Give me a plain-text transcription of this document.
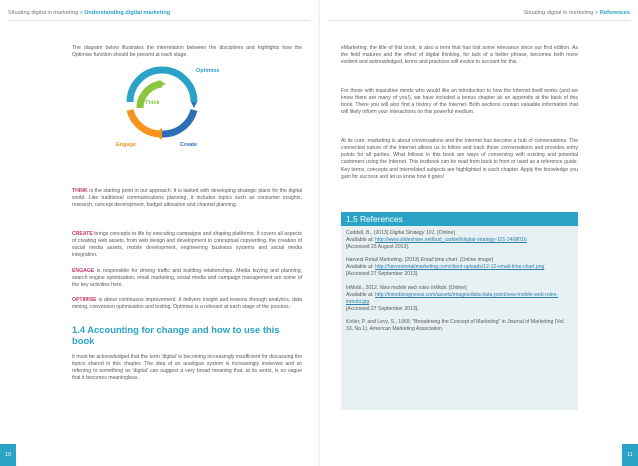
Situating digital in marketing > Understanding digital marketing	Situating digital in marketing > References

The diagram below illustrates the interrelation between the disciplines and highlights how the Optimise function should be present at each stage.

Think
Optimise
Engage	Create

THINK is the starting point in our approach. It is tasked with developing strategic plans for the digital world. Like traditional communications planning, it includes topics such as consumer insights, research, concept development, budget allocation and channel planning.

CREATE brings concepts to life by executing campaigns and shaping platforms. It covers all aspects of creating web assets, from web design and development to conceptual copywriting, the creation of social media assets, mobile development, engineering business systems and social media integration.

ENGAGE is responsible for driving traffic and building relationships. Media buying and planning, search engine optimisation, email marketing, social media and campaign management are some of the key activities here.

OPTIMISE is about continuous improvement. It delivers insight and lessons through analytics, data mining, conversion optimisation and testing. Optimise is a relevant at each stage of the process.

1.4 Accounting for change and how to use this book

It must be acknowledged that the term 'digital' is becoming increasingly insufficient for discussing the topics shared in this chapter. The idea of an analogue system is increasingly irrelevant and so referring to something as 'digital' can suggest a very broad meaning that, at its worst, is so vague that it becomes meaningless.

eMarketing, the title of this book, is also a term that has lost some relevance since our first edition. As the field matures and the effect of digital thinking, for lack of a better phrase, becomes both more evident and acknowledged, terms and practices will evolve to account for this.

For those with inquisitive minds who would like an introduction to how the Internet itself works (and we know there are many of you!), we have included a bonus chapter as an appendix at the back of this book. There you will also find a history of the Internet. Both sections contain valuable information that will likely inform your interactions on this powerful medium.

At its core, marketing is about conversations and the Internet has become a hub of conversations. The connected nature of the Internet allows us to follow and track those conversations and provides entry points for all parties. What follows in this book are ways of conversing with existing and potential customers using the Internet. This textbook can be read from back to front or used as a reference guide. Key terms, concepts and interrelated subjects are highlighted in each chapter. Apply the knowledge you gain for success and let us know how it goes!

1.5 References

Cuddell, B., (2013) Digital Strategy 101. [Online]
Available at: http://www.slideshare.net/bud_caddell/digital-strategy-101-2408016
[Accessed 23 August 2013].

Harvest Retail Marketing, (2013) Email time chart. [Online image]
Available at: http://harvestretailmarketing.com/client-uploads/12-12-email-time-chart.png
[Accessed 27 September 2013].

InMobi., 2012. New mobile web rules InMobi. [Online]
Available at: http://inmobicognesss.com/assets/images/data-data-point/new-mobile-web-rules-inmobi.jpg
[Accessed 27 September 2013].

Kotler, P. and Levy, S., 1969, "Broadening the Concept of Marketing" in Journal of Marketing (Vol. 33, No.1). American Marketing Association.

10	11
